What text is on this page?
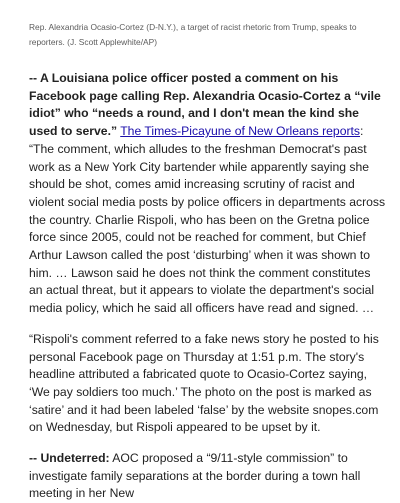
Rep. Alexandria Ocasio-Cortez (D-N.Y.), a target of racist rhetoric from Trump, speaks to reporters. (J. Scott Applewhite/AP)

-- A Louisiana police officer posted a comment on his Facebook page calling Rep. Alexandria Ocasio-Cortez a “vile idiot” who “needs a round, and I don't mean the kind she used to serve.” The Times-Picayune of New Orleans reports: “The comment, which alludes to the freshman Democrat's past work as a New York City bartender while apparently saying she should be shot, comes amid increasing scrutiny of racist and violent social media posts by police officers in departments across the country. Charlie Rispoli, who has been on the Gretna police force since 2005, could not be reached for comment, but Chief Arthur Lawson called the post ‘disturbing’ when it was shown to him. … Lawson said he does not think the comment constitutes an actual threat, but it appears to violate the department's social media policy, which he said all officers have read and signed. …

“Rispoli's comment referred to a fake news story he posted to his personal Facebook page on Thursday at 1:51 p.m. The story's headline attributed a fabricated quote to Ocasio-Cortez saying, ‘We pay soldiers too much.’ The photo on the post is marked as ‘satire’ and it had been labeled ‘false’ by the website snopes.com on Wednesday, but Rispoli appeared to be upset by it.

-- Undeterred: AOC proposed a “9/11-style commission” to investigate family separations at the border during a town hall meeting in her New
